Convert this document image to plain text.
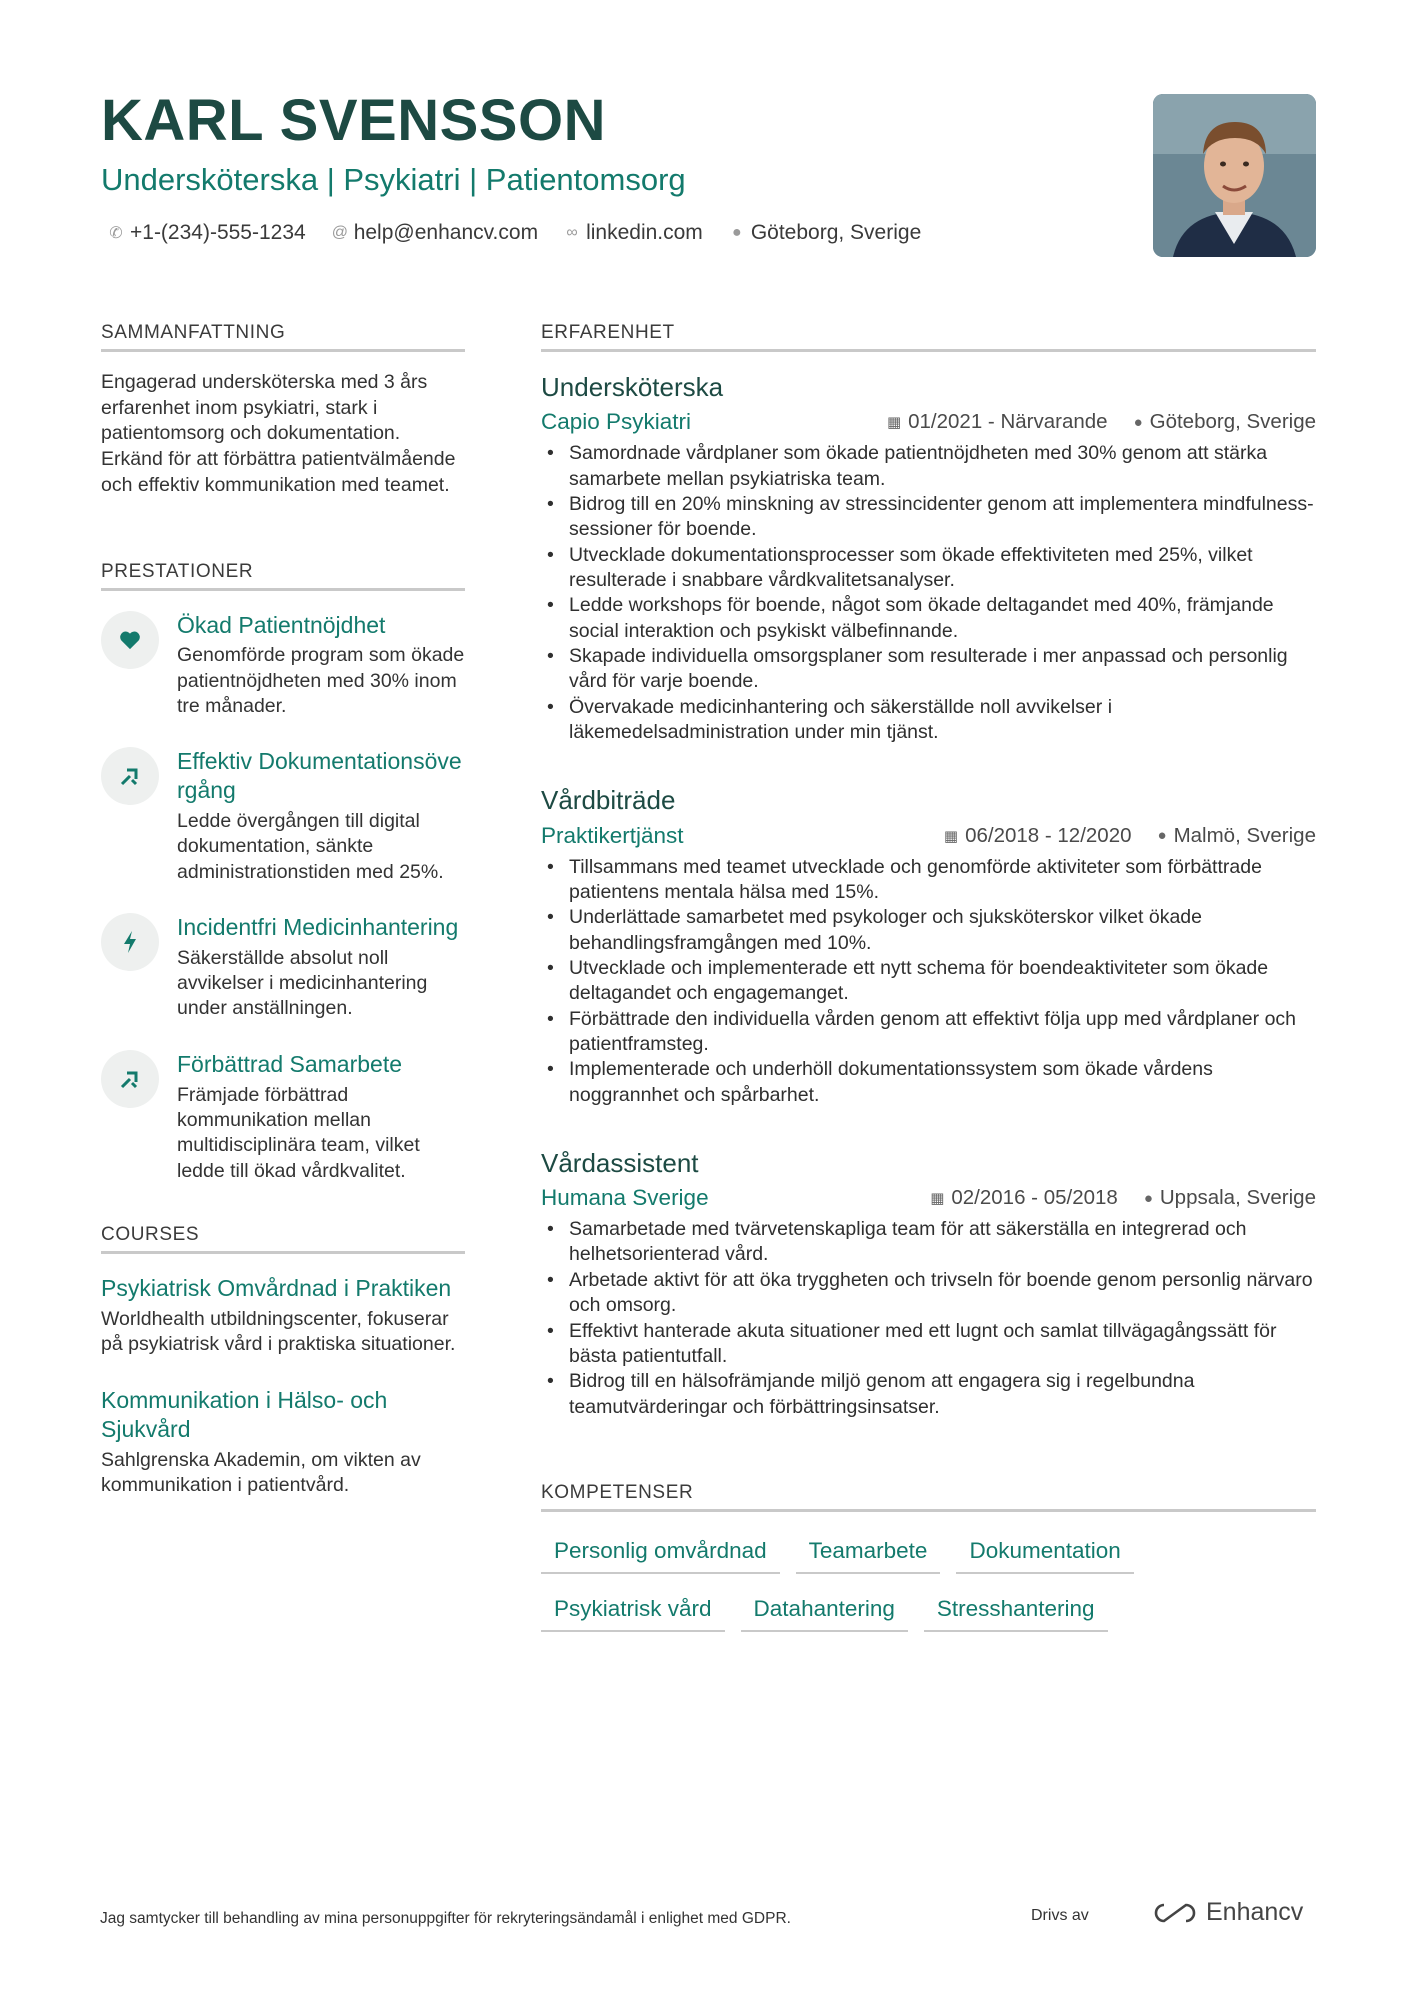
KARL SVENSSON
Undersköterska | Psykiatri | Patientomsorg
✆ +1-(234)-555-1234 @ help@enhancv.com ∞ linkedin.com ● Göteborg, Sverige
SAMMANFATTNING

Engagerad undersköterska med 3 års erfarenhet inom psykiatri, stark i patientomsorg och dokumentation. Erkänd för att förbättra patientvälmående och effektiv kommunikation med teamet.

PRESTATIONER
Ökad Patientnöjdhet
Genomförde program som ökade patientnöjdheten med 30% inom tre månader.
Effektiv Dokumentationsövergång
Ledde övergången till digital dokumentation, sänkte administrationstiden med 25%.
Incidentfri Medicinhantering
Säkerställde absolut noll avvikelser i medicinhantering under anställningen.
Förbättrad Samarbete
Främjade förbättrad kommunikation mellan multidisciplinära team, vilket ledde till ökad vårdkvalitet.
COURSES
Psykiatrisk Omvårdnad i Praktiken
Worldhealth utbildningscenter, fokuserar på psykiatrisk vård i praktiska situationer.
Kommunikation i Hälso- och Sjukvård
Sahlgrenska Akademin, om vikten av kommunikation i patientvård.
ERFARENHET
Undersköterska
Capio Psykiatri	▦ 01/2021 - Närvarande ● Göteborg, Sverige
• Samordnade vårdplaner som ökade patientnöjdheten med 30% genom att stärka samarbete mellan psykiatriska team.
• Bidrog till en 20% minskning av stressincidenter genom att implementera mindfulness-sessioner för boende.
• Utvecklade dokumentationsprocesser som ökade effektiviteten med 25%, vilket resulterade i snabbare vårdkvalitetsanalyser.
• Ledde workshops för boende, något som ökade deltagandet med 40%, främjande social interaktion och psykiskt välbefinnande.
• Skapade individuella omsorgsplaner som resulterade i mer anpassad och personlig vård för varje boende.
• Övervakade medicinhantering och säkerställde noll avvikelser i läkemedelsadministration under min tjänst.
Vårdbiträde
Praktikertjänst	▦ 06/2018 - 12/2020 ● Malmö, Sverige
• Tillsammans med teamet utvecklade och genomförde aktiviteter som förbättrade patientens mentala hälsa med 15%.
• Underlättade samarbetet med psykologer och sjuksköterskor vilket ökade behandlingsframgången med 10%.
• Utvecklade och implementerade ett nytt schema för boendeaktiviteter som ökade deltagandet och engagemanget.
• Förbättrade den individuella vården genom att effektivt följa upp med vårdplaner och patientframsteg.
• Implementerade och underhöll dokumentationssystem som ökade vårdens noggrannhet och spårbarhet.
Vårdassistent
Humana Sverige	▦ 02/2016 - 05/2018 ● Uppsala, Sverige
• Samarbetade med tvärvetenskapliga team för att säkerställa en integrerad och helhetsorienterad vård.
• Arbetade aktivt för att öka tryggheten och trivseln för boende genom personlig närvaro och omsorg.
• Effektivt hanterade akuta situationer med ett lugnt och samlat tillvägagångssätt för bästa patientutfall.
• Bidrog till en hälsofrämjande miljö genom att engagera sig i regelbundna teamutvärderingar och förbättringsinsatser.
KOMPETENSER
Personlig omvårdnad	Teamarbete	Dokumentation
Psykiatrisk vård	Datahantering	Stresshantering
Jag samtycker till behandling av mina personuppgifter för rekryteringsändamål i enlighet med GDPR.	Drivs av	Enhancv
